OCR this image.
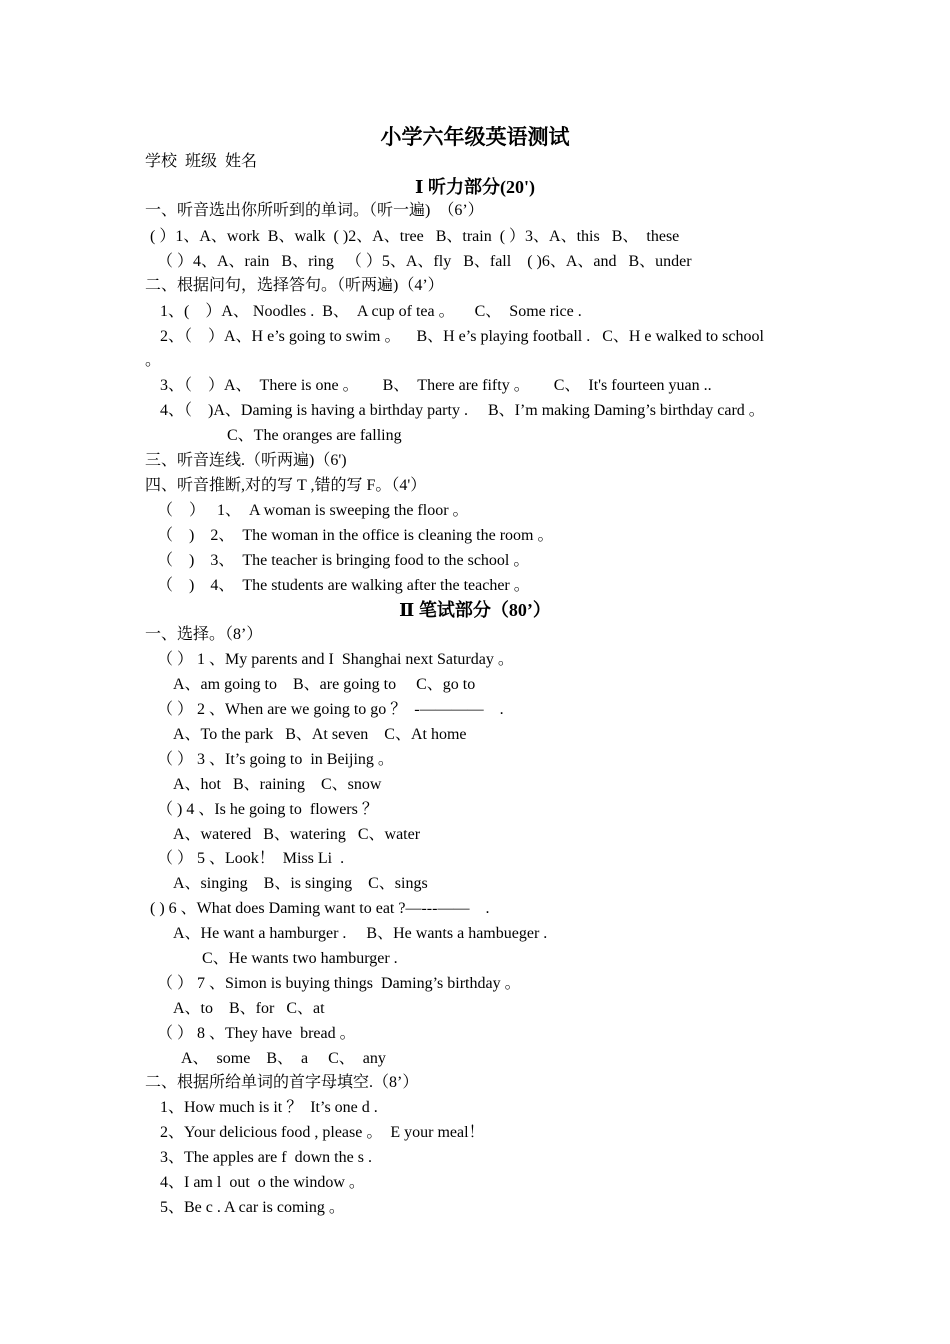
小学六年级英语测试
学校  班级  姓名
Ⅰ 听力部分(20')
一、听音选出你所听到的单词。（听一遍)  （6’）
( ）1、A、work  B、walk  ( )2、A、tree   B、train  ( ）3、A、this   B、  these
（ ）4、A、rain   B、ring   （ ）5、A、fly   B、fall    ( )6、A、and   B、under
二、根据问句，选择答句。（听两遍)（4’）
1、(    ）A、 Noodles .  B、  A cup of tea 。     C、  Some rice .
2、（    ）A、H e’s going to swim 。    B、H e’s playing football .   C、H e walked to school
。
3、（    ）A、  There is one 。      B、  There are fifty 。      C、  It's fourteen yuan ..
4、（    )A、Daming is having a birthday party .     B、I’m making Daming’s birthday card 。
C、The oranges are falling
三、听音连线.（听两遍)（6')
四、听音推断,对的写 T ,错的写 F。（4'）
（    ）   1、  A woman is sweeping the floor 。
（    )    2、  The woman in the office is cleaning the room 。
（    )    3、  The teacher is bringing food to the school 。
（    )    4、  The students are walking after the teacher 。
Ⅱ 笔试部分（80’）
一、选择。（8’）
（ ） 1 、My parents and I  Shanghai next Saturday 。
A、am going to    B、are going to     C、go to
（ ） 2 、When are we going to go ？  -————    .
A、To the park   B、At seven    C、At home
（ ） 3 、It’s going to  in Beijing 。
A、hot   B、raining    C、snow
（ ) 4 、Is he going to  flowers ？
A、watered   B、watering   C、water
（ ） 5 、Look！  Miss Li  .
A、singing    B、is singing    C、sings
( ) 6 、What does Daming want to eat ?—---——    .
A、He want a hamburger .     B、He wants a hambueger .
C、He wants two hamburger .
（ ） 7 、Simon is buying things  Daming’s birthday 。
A、to    B、for   C、at
（ ） 8 、They have  bread 。
A、  some    B、  a     C、  any
二、根据所给单词的首字母填空.（8’）
1、How much is it ？  It’s one d .
2、Your delicious food , please 。  E your meal！
3、The apples are f  down the s .
4、I am l  out  o the window 。
5、Be c . A car is coming 。
